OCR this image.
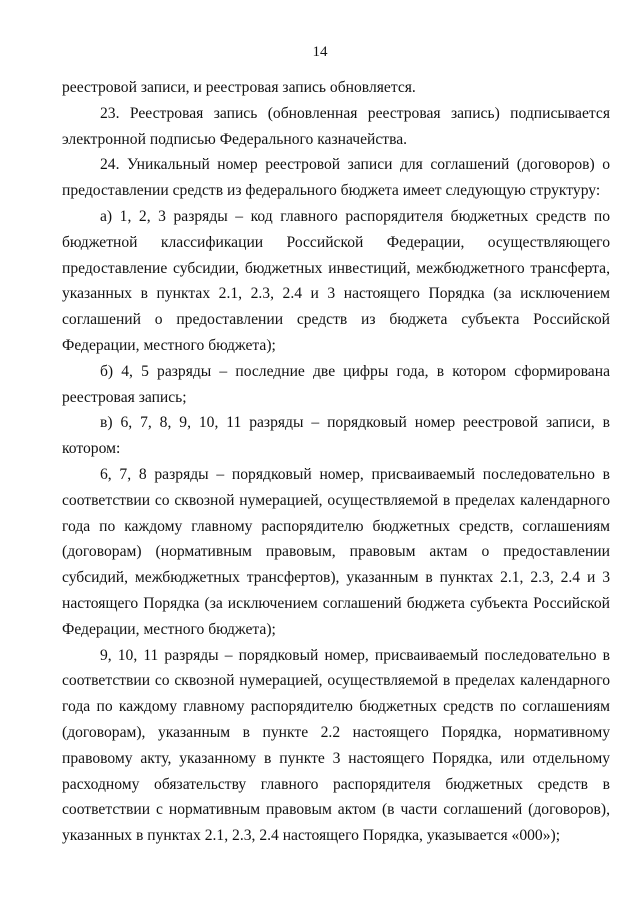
14

реестровой записи, и реестровая запись обновляется.

23. Реестровая запись (обновленная реестровая запись) подписывается электронной подписью Федерального казначейства.

24. Уникальный номер реестровой записи для соглашений (договоров) о предоставлении средств из федерального бюджета имеет следующую структуру:

а) 1, 2, 3 разряды – код главного распорядителя бюджетных средств по бюджетной классификации Российской Федерации, осуществляющего предоставление субсидии, бюджетных инвестиций, межбюджетного трансферта, указанных в пунктах 2.1, 2.3, 2.4 и 3 настоящего Порядка (за исключением соглашений о предоставлении средств из бюджета субъекта Российской Федерации, местного бюджета);

б) 4, 5 разряды – последние две цифры года, в котором сформирована реестровая запись;

в) 6, 7, 8, 9, 10, 11 разряды – порядковый номер реестровой записи, в котором:

6, 7, 8 разряды – порядковый номер, присваиваемый последовательно в соответствии со сквозной нумерацией, осуществляемой в пределах календарного года по каждому главному распорядителю бюджетных средств, соглашениям (договорам) (нормативным правовым, правовым актам о предоставлении субсидий, межбюджетных трансфертов), указанным в пунктах 2.1, 2.3, 2.4 и 3 настоящего Порядка (за исключением соглашений бюджета субъекта Российской Федерации, местного бюджета);

9, 10, 11 разряды – порядковый номер, присваиваемый последовательно в соответствии со сквозной нумерацией, осуществляемой в пределах календарного года по каждому главному распорядителю бюджетных средств по соглашениям (договорам), указанным в пункте 2.2 настоящего Порядка, нормативному правовому акту, указанному в пункте 3 настоящего Порядка, или отдельному расходному обязательству главного распорядителя бюджетных средств в соответствии с нормативным правовым актом (в части соглашений (договоров), указанных в пунктах 2.1, 2.3, 2.4 настоящего Порядка, указывается «000»);
